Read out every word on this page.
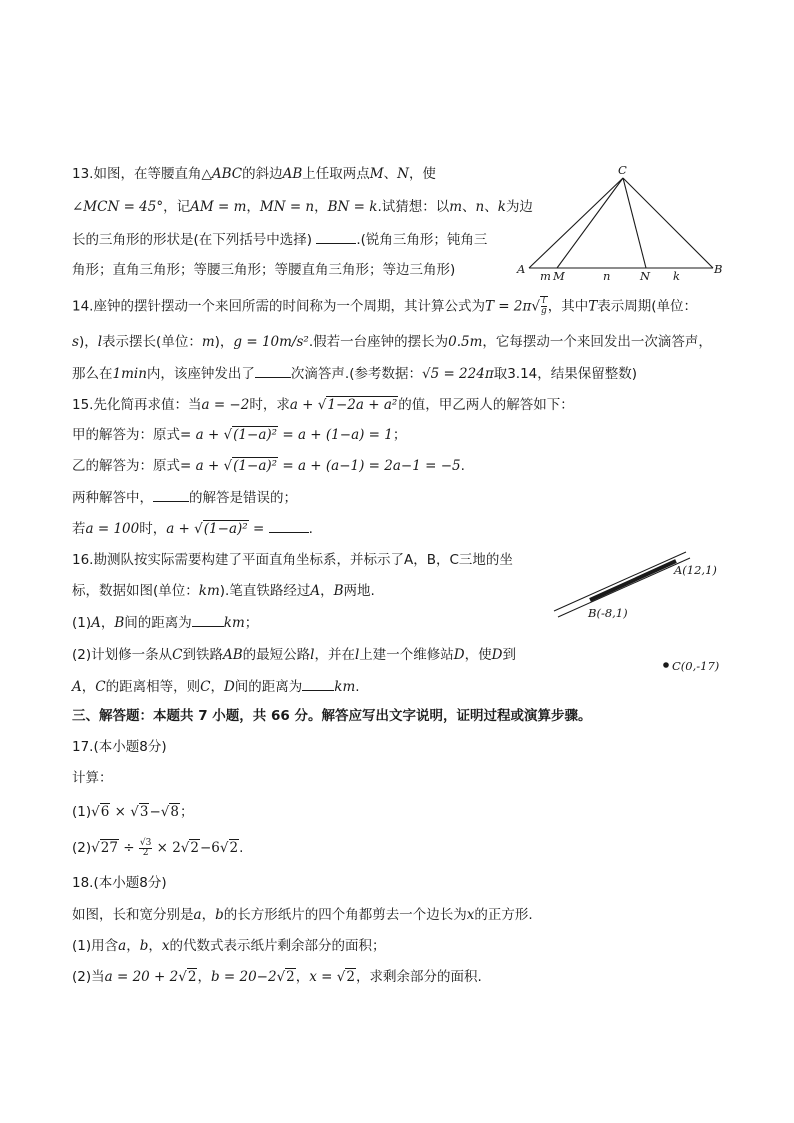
13.如图，在等腰直角△ABC的斜边AB上任取两点M、N，使
∠MCN = 45°，记AM = m，MN = n，BN = k.试猜想：以m、n、k为边
长的三角形的形状是(在下列括号中选择)	.(锐角三角形；钝角三
角形；直角三角形；等腰三角形；等腰直角三角形；等边三角形)
C
A	B
m M	n	N k
14.座钟的摆针摆动一个来回所需的时间称为一个周期，其计算公式为$T = 2\pi√ \frac{l}{g}$ ，其中T表示周期(单位：
s)，l表示摆长(单位：m)，g = 10m/s².假若一台座钟的摆长为0.5m，它每摆动一个来回发出一次滴答声，
那么在1min内，该座钟发出了	次滴答声.(参考数据：√5 = 224π取3.14，结果保留整数)
15.先化简再求值：当a = −2时，求a + √1−2a + a²的值，甲乙两人的解答如下：
甲的解答为：原式= a + √(1−a)² = a + (1−a) = 1；
乙的解答为：原式= a + √(1−a)² = a + (a−1) = 2a−1 = −5.
两种解答中，	的解答是错误的；
若a = 100时，a + √(1−a)² =	.
16.勘测队按实际需要构建了平面直角坐标系，并标示了A，B，C三地的坐
标，数据如图(单位：km).笔直铁路经过A，B两地.
(1)A，B间的距离为 km；
(2)计划修一条从C到铁路AB的最短公路l，并在l上建一个维修站D，使D到
A，C的距离相等，则C，D间的距离为 km.
A(12,1)
B(-8,1)
C(0,-17)
三、解答题：本题共 7 小题，共 66 分。解答应写出文字说明，证明过程或演算步骤。
17.(本小题8分)
计算：
(1)√6 × √3−√8；
$(2)√27 \div \frac{√3}{2} \times 2√2-6√2$.
18.(本小题8分)
如图，长和宽分别是a，b的长方形纸片的四个角都剪去一个边长为x的正方形.
(1)用含a，b，x的代数式表示纸片剩余部分的面积；
(2)当a = 20 + 2√2，b = 20−2√2，x = √2，求剩余部分的面积.
